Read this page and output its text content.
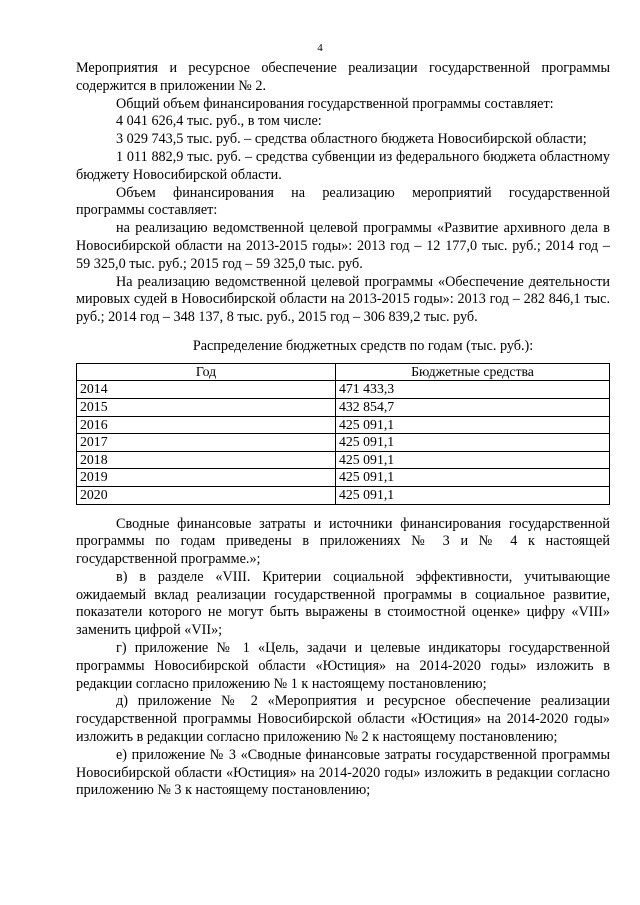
4

Мероприятия и ресурсное обеспечение реализации государственной программы содержится в приложении № 2.

Общий объем финансирования государственной программы составляет:

4 041 626,4 тыс. руб., в том числе:

3 029 743,5 тыс. руб. – средства областного бюджета Новосибирской области;

1 011 882,9 тыс. руб. – средства субвенции из федерального бюджета областному бюджету Новосибирской области.

Объем финансирования на реализацию мероприятий государственной программы составляет:

на реализацию ведомственной целевой программы «Развитие архивного дела в Новосибирской области на 2013-2015 годы»: 2013 год – 12 177,0 тыс. руб.; 2014 год – 59 325,0 тыс. руб.; 2015 год – 59 325,0 тыс. руб.

На реализацию ведомственной целевой программы «Обеспечение деятельности мировых судей в Новосибирской области на 2013-2015 годы»: 2013 год – 282 846,1 тыс. руб.; 2014 год – 348 137, 8 тыс. руб., 2015 год – 306 839,2 тыс. руб.

Распределение бюджетных средств по годам (тыс. руб.):

Год	Бюджетные средства
2014	471 433,3
2015	432 854,7
2016	425 091,1
2017	425 091,1
2018	425 091,1
2019	425 091,1
2020	425 091,1

Сводные финансовые затраты и источники финансирования государственной программы по годам приведены в приложениях № 3 и № 4 к настоящей государственной программе.»;

в) в разделе «VIII. Критерии социальной эффективности, учитывающие ожидаемый вклад реализации государственной программы в социальное развитие, показатели которого не могут быть выражены в стоимостной оценке» цифру «VIII» заменить цифрой «VII»;

г) приложение № 1 «Цель, задачи и целевые индикаторы государственной программы Новосибирской области «Юстиция» на 2014-2020 годы» изложить в редакции согласно приложению № 1 к настоящему постановлению;

д) приложение № 2 «Мероприятия и ресурсное обеспечение реализации государственной программы Новосибирской области «Юстиция» на 2014-2020 годы» изложить в редакции согласно приложению № 2 к настоящему постановлению;

е) приложение № 3 «Сводные финансовые затраты государственной программы Новосибирской области «Юстиция» на 2014-2020 годы» изложить в редакции согласно приложению № 3 к настоящему постановлению;
